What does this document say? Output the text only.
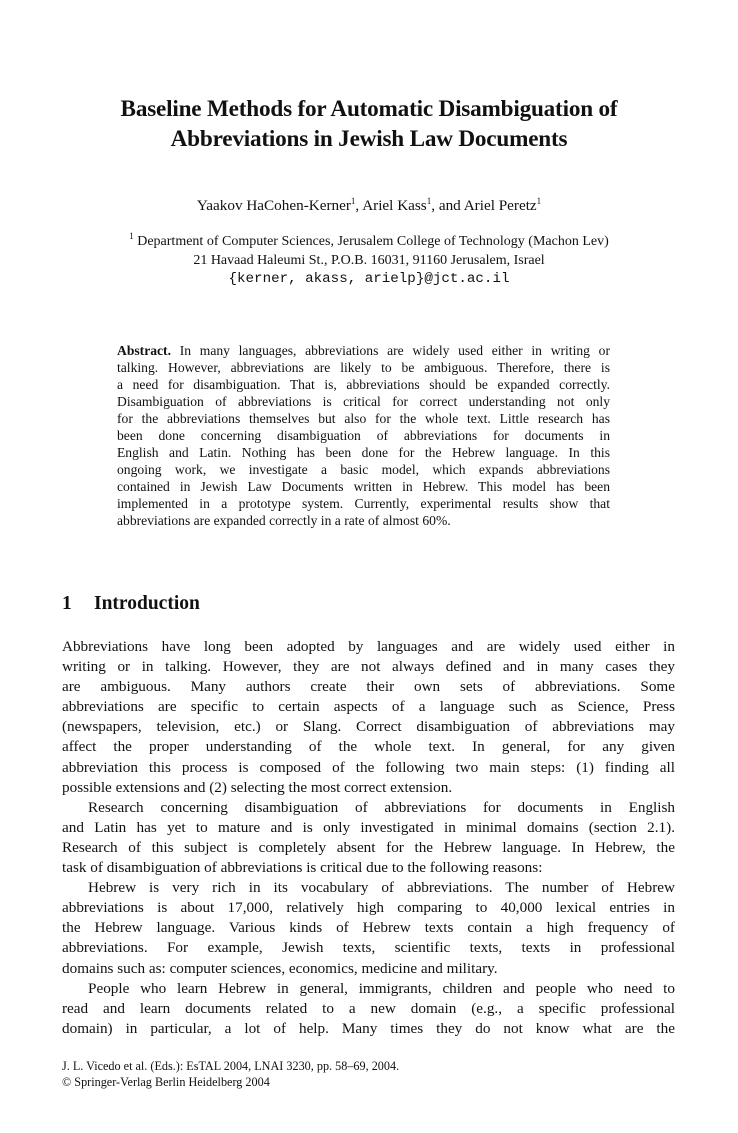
Baseline Methods for Automatic Disambiguation of
Abbreviations in Jewish Law Documents
Yaakov HaCohen-Kerner$^1$, Ariel Kass$^1$, and Ariel Peretz$^1$
$^1$ Department of Computer Sciences, Jerusalem College of Technology (Machon Lev)
21 Havaad Haleumi St., P.O.B. 16031, 91160 Jerusalem, Israel
{kerner, akass, arielp}@jct.ac.il
Abstract. In many languages, abbreviations are widely used either in writing or
talking. However, abbreviations are likely to be ambiguous. Therefore, there is
a need for disambiguation. That is, abbreviations should be expanded correctly.
Disambiguation of abbreviations is critical for correct understanding not only
for the abbreviations themselves but also for the whole text. Little research has
been done concerning disambiguation of abbreviations for documents in
English and Latin. Nothing has been done for the Hebrew language. In this
ongoing work, we investigate a basic model, which expands abbreviations
contained in Jewish Law Documents written in Hebrew. This model has been
implemented in a prototype system. Currently, experimental results show that
abbreviations are expanded correctly in a rate of almost 60%.
1 Introduction
Abbreviations have long been adopted by languages and are widely used either in
writing or in talking. However, they are not always defined and in many cases they
are ambiguous. Many authors create their own sets of abbreviations. Some
abbreviations are specific to certain aspects of a language such as Science, Press
(newspapers, television, etc.) or Slang. Correct disambiguation of abbreviations may
affect the proper understanding of the whole text. In general, for any given
abbreviation this process is composed of the following two main steps: (1) finding all
possible extensions and (2) selecting the most correct extension.
Research concerning disambiguation of abbreviations for documents in English
and Latin has yet to mature and is only investigated in minimal domains (section 2.1).
Research of this subject is completely absent for the Hebrew language. In Hebrew, the
task of disambiguation of abbreviations is critical due to the following reasons:
Hebrew is very rich in its vocabulary of abbreviations. The number of Hebrew
abbreviations is about 17,000, relatively high comparing to 40,000 lexical entries in
the Hebrew language. Various kinds of Hebrew texts contain a high frequency of
abbreviations. For example, Jewish texts, scientific texts, texts in professional
domains such as: computer sciences, economics, medicine and military.
People who learn Hebrew in general, immigrants, children and people who need to
read and learn documents related to a new domain (e.g., a specific professional
domain) in particular, a lot of help. Many times they do not know what are the
J. L. Vicedo et al. (Eds.): EsTAL 2004, LNAI 3230, pp. 58–69, 2004.
© Springer-Verlag Berlin Heidelberg 2004
